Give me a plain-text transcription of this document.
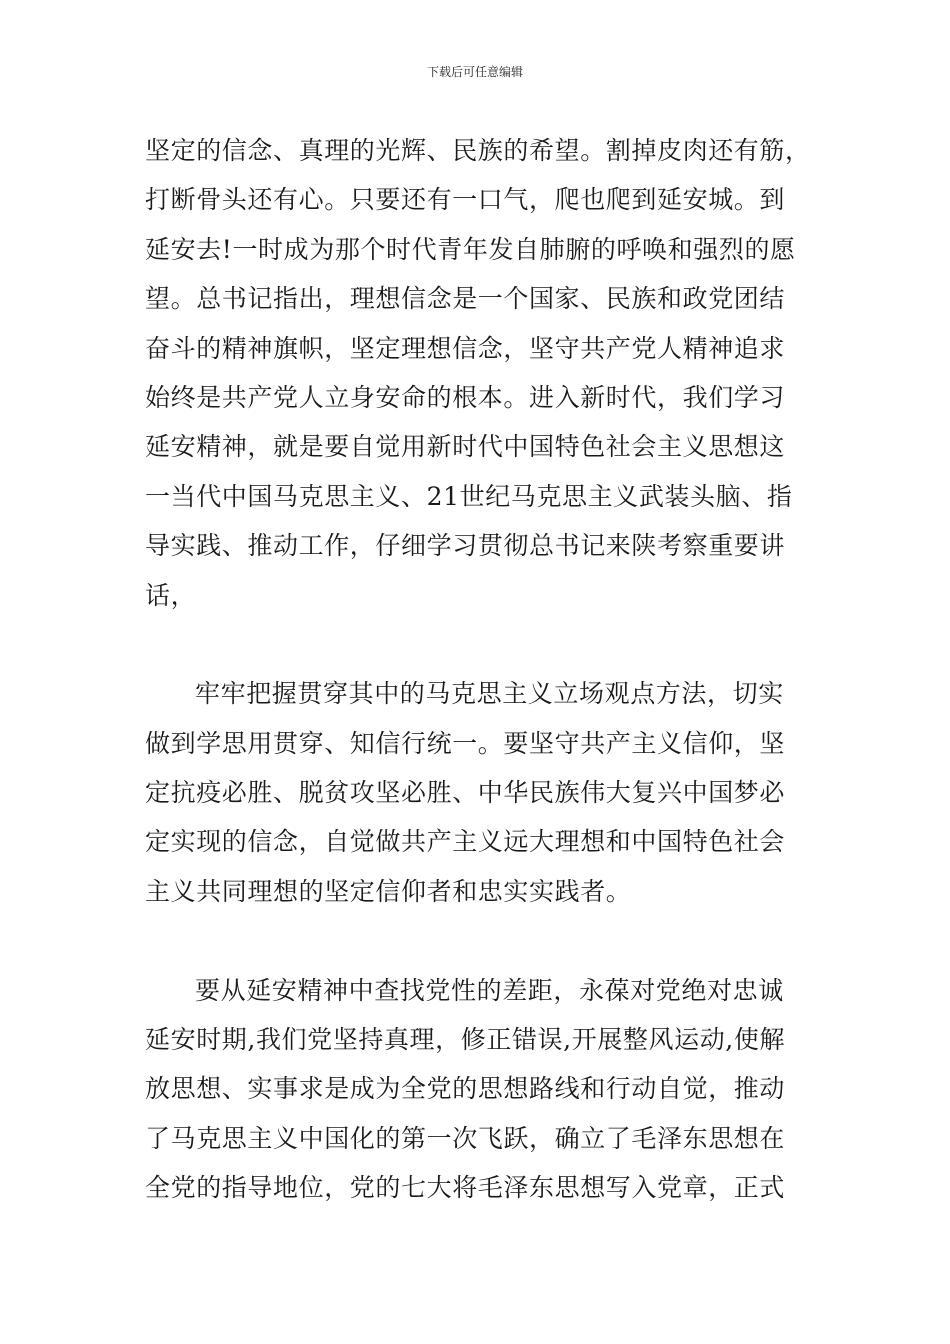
下载后可任意编辑
坚定的信念、真理的光辉、民族的希望。割掉皮肉还有筋，
打断骨头还有心。只要还有一口气，爬也爬到延安城。到
延安去!一时成为那个时代青年发自肺腑的呼唤和强烈的愿
望。总书记指出，理想信念是一个国家、民族和政党团结
奋斗的精神旗帜，坚定理想信念，坚守共产党人精神追求
始终是共产党人立身安命的根本。进入新时代，我们学习
延安精神，就是要自觉用新时代中国特色社会主义思想这
一当代中国马克思主义、21世纪马克思主义武装头脑、指
导实践、推动工作，仔细学习贯彻总书记来陕考察重要讲
话，
牢牢把握贯穿其中的马克思主义立场观点方法，切实
做到学思用贯穿、知信行统一。要坚守共产主义信仰，坚
定抗疫必胜、脱贫攻坚必胜、中华民族伟大复兴中国梦必
定实现的信念，自觉做共产主义远大理想和中国特色社会
主义共同理想的坚定信仰者和忠实实践者。
要从延安精神中查找党性的差距，永葆对党绝对忠诚
延安时期,我们党坚持真理，修正错误,开展整风运动,使解
放思想、实事求是成为全党的思想路线和行动自觉，推动
了马克思主义中国化的第一次飞跃，确立了毛泽东思想在
全党的指导地位，党的七大将毛泽东思想写入党章，正式
